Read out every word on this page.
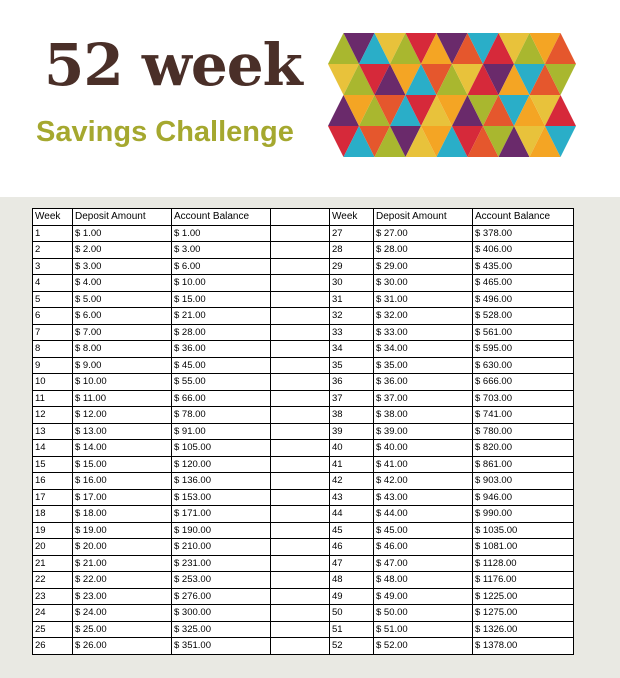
52 week
Savings Challenge
Week	Deposit Amount	Account Balance		Week	Deposit Amount	Account Balance
1	$ 1.00	$ 1.00		27	$ 27.00	$ 378.00
2	$ 2.00	$ 3.00		28	$ 28.00	$ 406.00
3	$ 3.00	$ 6.00		29	$ 29.00	$ 435.00
4	$ 4.00	$ 10.00		30	$ 30.00	$ 465.00
5	$ 5.00	$ 15.00		31	$ 31.00	$ 496.00
6	$ 6.00	$ 21.00		32	$ 32.00	$ 528.00
7	$ 7.00	$ 28.00		33	$ 33.00	$ 561.00
8	$ 8.00	$ 36.00		34	$ 34.00	$ 595.00
9	$ 9.00	$ 45.00		35	$ 35.00	$ 630.00
10	$ 10.00	$ 55.00		36	$ 36.00	$ 666.00
11	$ 11.00	$ 66.00		37	$ 37.00	$ 703.00
12	$ 12.00	$ 78.00		38	$ 38.00	$ 741.00
13	$ 13.00	$ 91.00		39	$ 39.00	$ 780.00
14	$ 14.00	$ 105.00		40	$ 40.00	$ 820.00
15	$ 15.00	$ 120.00		41	$ 41.00	$ 861.00
16	$ 16.00	$ 136.00		42	$ 42.00	$ 903.00
17	$ 17.00	$ 153.00		43	$ 43.00	$ 946.00
18	$ 18.00	$ 171.00		44	$ 44.00	$ 990.00
19	$ 19.00	$ 190.00		45	$ 45.00	$ 1035.00
20	$ 20.00	$ 210.00		46	$ 46.00	$ 1081.00
21	$ 21.00	$ 231.00		47	$ 47.00	$ 1128.00
22	$ 22.00	$ 253.00		48	$ 48.00	$ 1176.00
23	$ 23.00	$ 276.00		49	$ 49.00	$ 1225.00
24	$ 24.00	$ 300.00		50	$ 50.00	$ 1275.00
25	$ 25.00	$ 325.00		51	$ 51.00	$ 1326.00
26	$ 26.00	$ 351.00		52	$ 52.00	$ 1378.00
